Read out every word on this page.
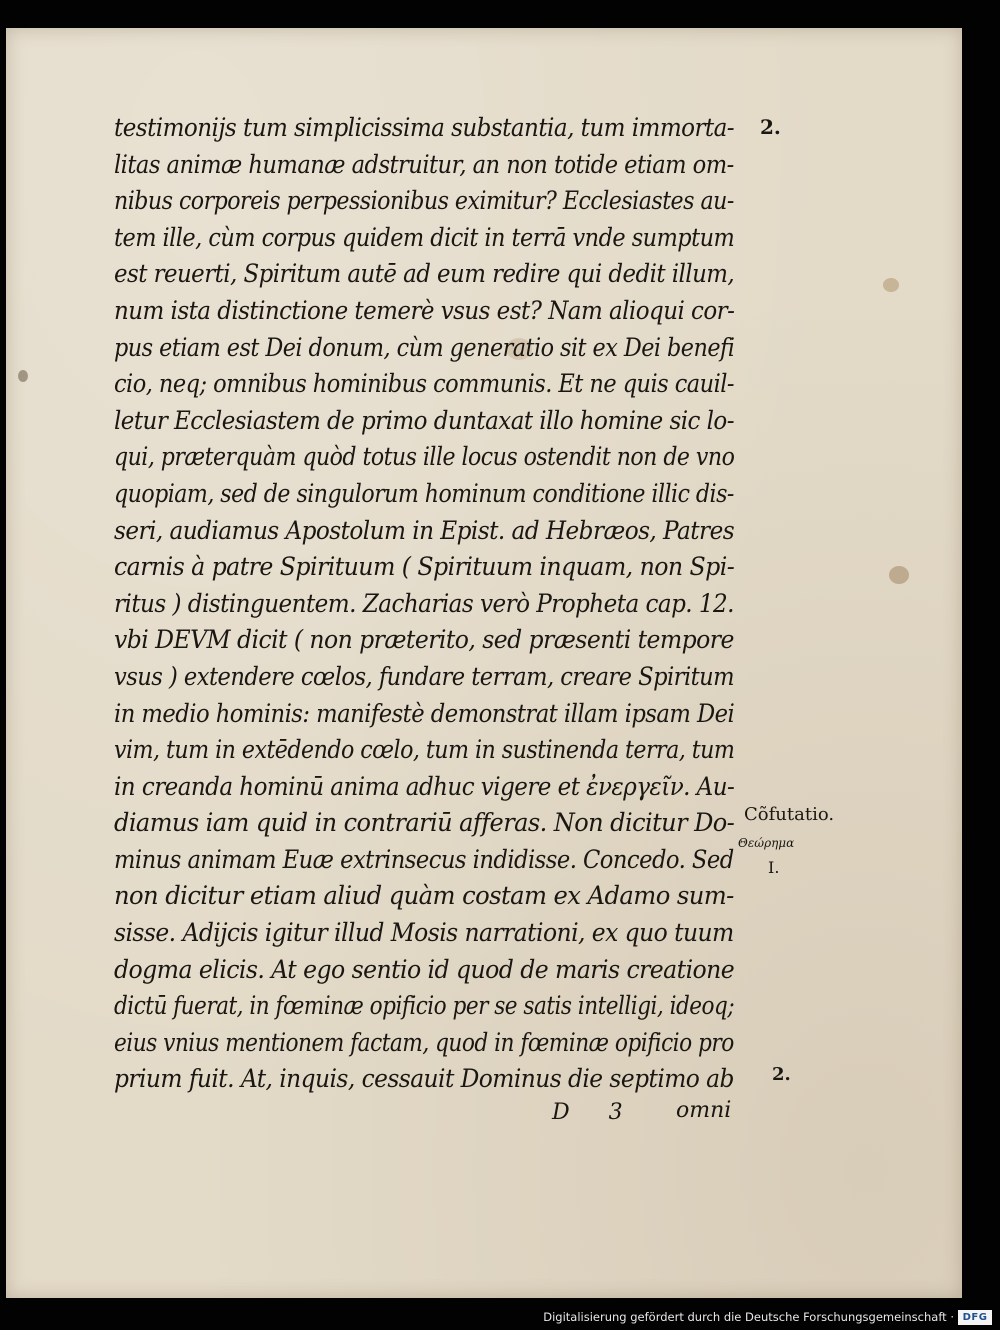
testimonijs tum simplicissima substantia, tum immorta-
litas animæ humanæ adstruitur, an non totide etiam om-
nibus corporeis perpessionibus eximitur? Ecclesiastes au-
tem ille, cùm corpus quidem dicit in terrā vnde sumptum
est reuerti, Spiritum autē ad eum redire qui dedit illum,
num ista distinctione temerè vsus est? Nam alioqui cor-
pus etiam est Dei donum, cùm generatio sit ex Dei benefi
cio, neq; omnibus hominibus communis. Et ne quis cauil-
letur Ecclesiastem de primo duntaxat illo homine sic lo-
qui, præterquàm quòd totus ille locus ostendit non de vno
quopiam, sed de singulorum hominum conditione illic dis-
seri, audiamus Apostolum in Epist. ad Hebræos, Patres
carnis à patre Spirituum ( Spirituum inquam, non Spi-
ritus ) distinguentem. Zacharias verò Propheta cap. 12.
vbi DEVM dicit ( non præterito, sed præsenti tempore
vsus ) extendere cœlos, fundare terram, creare Spiritum
in medio hominis: manifestè demonstrat illam ipsam Dei
vim, tum in extēdendo cœlo, tum in sustinenda terra, tum
in creanda hominū anima adhuc vigere et ἐνεργεῖν. Au-
diamus iam quid in contrariū afferas. Non dicitur Do-
minus animam Euæ extrinsecus indidisse. Concedo. Sed
non dicitur etiam aliud quàm costam ex Adamo sum-
sisse. Adijcis igitur illud Mosis narrationi, ex quo tuum
dogma elicis. At ego sentio id quod de maris creatione
dictū fuerat, in fœminæ opificio per se satis intelligi, ideoq;
eius vnius mentionem factam, quod in fœminæ opificio pro
prium fuit. At, inquis, cessauit Dominus die septimo ab
2.
Cõfutatio.
Θεώρημα
I.
2.
D 3 omni
Digitalisierung gefördert durch die Deutsche Forschungsgemeinschaft · DFG
